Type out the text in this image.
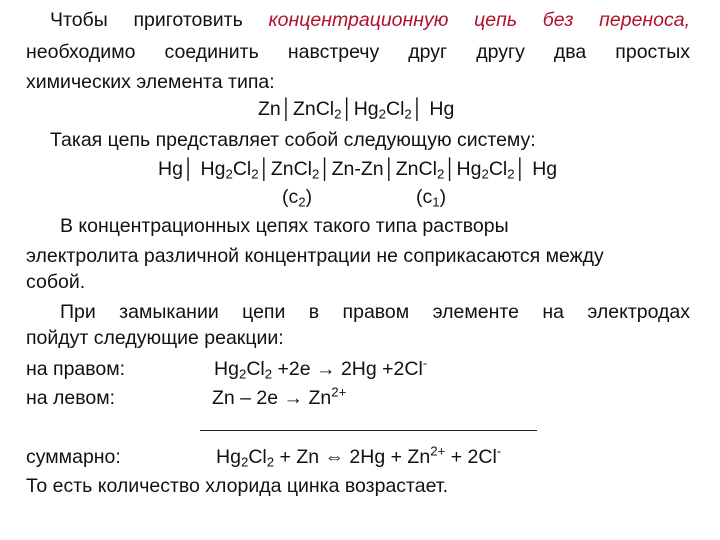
Чтобы приготовить концентрационную цепь без переноса,
необходимо соединить навстречу друг другу два простых
химических элемента типа:
$Zn│ZnCl_2│Hg_2Cl_2│$ Hg
Такая цепь представляет собой следующую систему:
Hg│ $Hg_2Cl_2│ZnCl_2│Zn-Zn│ZnCl_2│Hg_2Cl_2│$ Hg
$(c_2)$	$(c_1)$
В концентрационных цепях такого типа растворы
электролита различной концентрации не соприкасаются между
собой.
При замыкании цепи в правом элементе на электродах
пойдут следующие реакции:
на правом:	$Hg_2Cl_2 +2e \to 2Hg +2Cl^-$
на левом:	$Zn - 2e \to Zn^{2+}$
суммарно:	$Hg_2Cl_2 + Zn$ ⇔ $2Hg + Zn^{2+} + 2Cl^-$
То есть количество хлорида цинка возрастает.
